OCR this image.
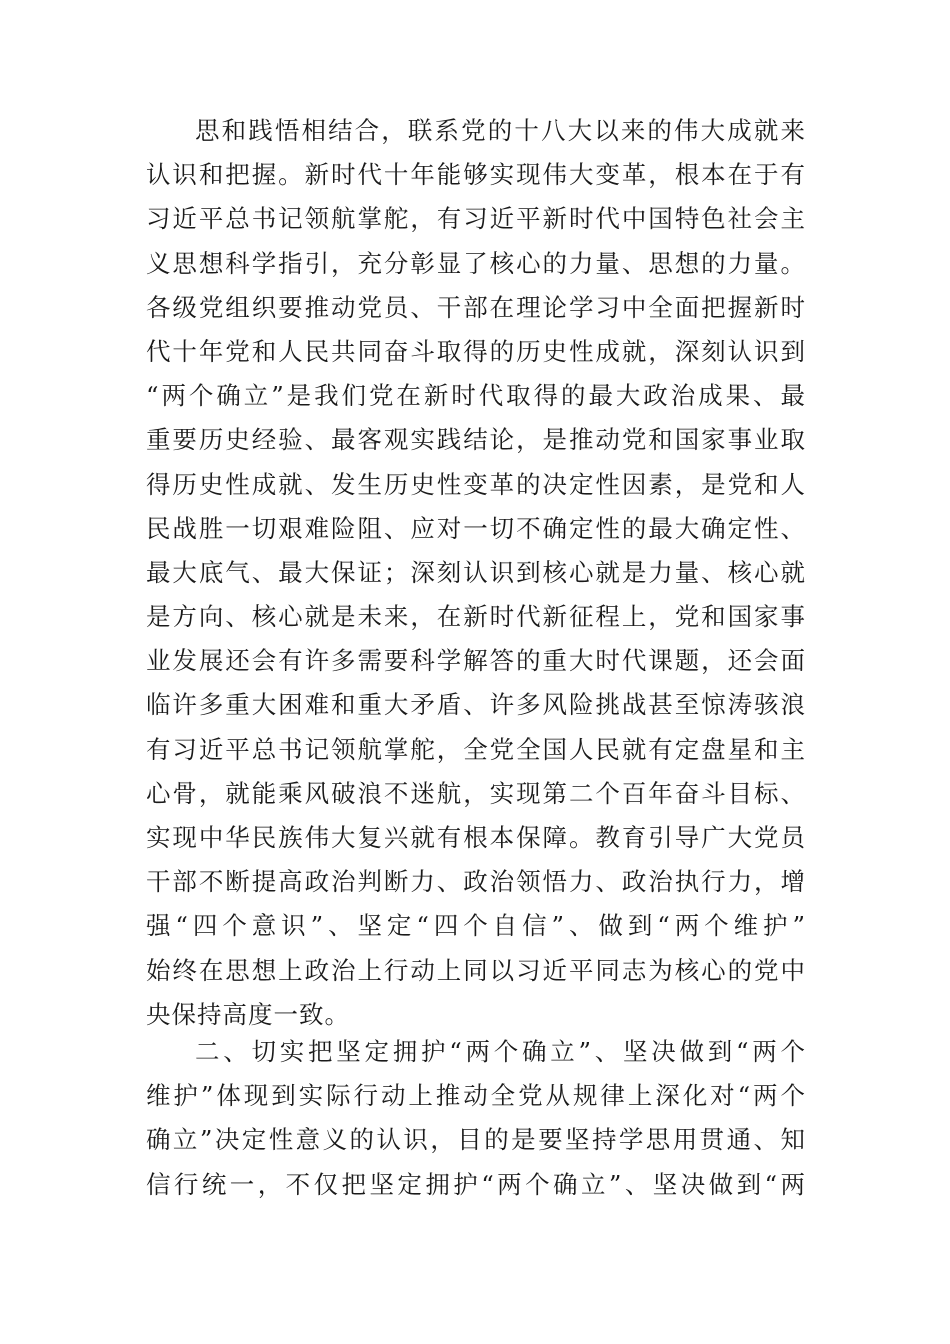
思和践悟相结合，联系党的十八大以来的伟大成就来
认识和把握。新时代十年能够实现伟大变革，根本在于有
习近平总书记领航掌舵，有习近平新时代中国特色社会主
义思想科学指引，充分彰显了核心的力量、思想的力量。
各级党组织要推动党员、干部在理论学习中全面把握新时
代十年党和人民共同奋斗取得的历史性成就，深刻认识到
“两个确立”是我们党在新时代取得的最大政治成果、最
重要历史经验、最客观实践结论，是推动党和国家事业取
得历史性成就、发生历史性变革的决定性因素，是党和人
民战胜一切艰难险阻、应对一切不确定性的最大确定性、
最大底气、最大保证；深刻认识到核心就是力量、核心就
是方向、核心就是未来，在新时代新征程上，党和国家事
业发展还会有许多需要科学解答的重大时代课题，还会面
临许多重大困难和重大矛盾、许多风险挑战甚至惊涛骇浪
有习近平总书记领航掌舵，全党全国人民就有定盘星和主
心骨，就能乘风破浪不迷航，实现第二个百年奋斗目标、
实现中华民族伟大复兴就有根本保障。教育引导广大党员
干部不断提高政治判断力、政治领悟力、政治执行力，增
强“四个意识”、坚定“四个自信”、做到“两个维护”
始终在思想上政治上行动上同以习近平同志为核心的党中
央保持高度一致。
二、切实把坚定拥护“两个确立”、坚决做到“两个
维护”体现到实际行动上推动全党从规律上深化对“两个
确立”决定性意义的认识，目的是要坚持学思用贯通、知
信行统一，不仅把坚定拥护“两个确立”、坚决做到“两
